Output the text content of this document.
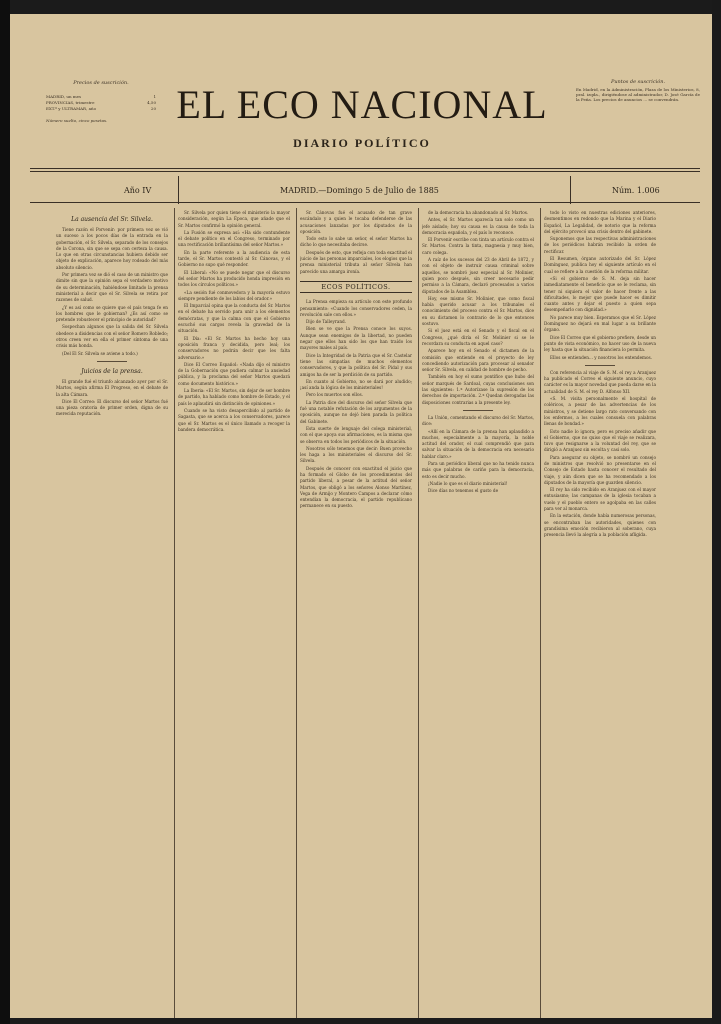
Precios de suscrición.
MADRID, un mes	1
PROVINCIAS, trimestre	4,50
EXT.º y ULTRAMAR, año	20
Número suelto, cinco pesetas.	EL ECO NACIONAL
DIARIO POLÍTICO
Puntos de suscrición.
En Madrid, en la Administración, Plaza de los Ministerios, 8, pral. izqda., dirigiéndose al administrador, D. José García de la Peña. Los precios de anuncios ... se convendrán.
Año IV	MADRID.—Domingo 5 de Julio de 1885	Núm. 1.006

La ausencia del Sr. Silvela.

Tiene razón el Porvenir: por primera vez se vió un suceso a los pocos días de la entrada en la gobernación, el Sr. Silvela, separado de los consejos de la Corona, sin que se sepa con certeza la causa. Lo que en otras circunstancias hubiera debido ser objeto de explicación, aparece hoy rodeado del más absoluto silencio.

Por primera vez se dió el caso de un ministro que dimite sin que la opinión sepa el verdadero motivo de su determinación, habiéndose limitado la prensa ministerial a decir que el Sr. Silvela se retira por razones de salud.

¿Y es así como se quiere que el país tenga fe en los hombres que le gobiernan? ¿Es así como se pretende robustecer el principio de autoridad?

Sospechan algunos que la salida del Sr. Silvela obedece a disidencias con el señor Romero Robledo; otros creen ver en ella el primer síntoma de una crisis más honda.

(Del El Sr. Silvela se aviene a todo.)

Juicios de la prensa.

El grande fué el triunfo alcanzado ayer por el Sr. Martos, según afirma El Progreso, en el debate de la alta Cámara.

Dice El Correo: El discurso del señor Martos fué una pieza oratoria de primer orden, digna de su merecida reputación.

Sr. Silvela por quien tiene el ministerio la mayor consideración, según La Época, que añade que el Sr. Martos confirmó la opinión general.

La Fusión se expresa así: «Ha sido contundente el debate político en el Congreso, terminado por una rectificación brillantísima del señor Martos.»

En la parte referente a la audiencia de esta tarde, el Sr. Martos contestó al Sr. Cánovas, y el Gobierno no supo qué responder.

El Liberal: «No se puede negar que el discurso del señor Martos ha producido honda impresión en todos los círculos políticos.»

«La sesión fué conmovedora y la mayoría estuvo siempre pendiente de los labios del orador.»

El Imparcial opina que la conducta del Sr. Martos en el debate ha servido para unir a los elementos demócratas, y que la calma con que el Gobierno escuchó sus cargos revela la gravedad de la situación.

El Día: «El Sr. Martos ha hecho hoy una oposición franca y decidida, pero leal; los conservadores no podrán decir que les falta adversario.»

Dice El Correo Español: «Nada dijo el ministro de la Gobernación que pudiera calmar la ansiedad pública, y la proclama del señor Martos quedará como documento histórico.»

La Iberia: «El Sr. Martos, sin dejar de ser hombre de partido, ha hablado como hombre de Estado, y el país le aplaudirá sin distinción de opiniones.»

Cuando se ha visto desapercibido al partido de Sagasta, que se acerca a los conservadores, parece que el Sr. Martos es el único llamado a recoger la bandera democrática.

Sr. Cánovas fué el acusado de tan grave escándalo y a quien le tocaba defenderse de las acusaciones lanzadas por los diputados de la oposición.

Todo esto lo sabe un señor, el señor Martos ha dicho lo que necesitaba decirse.

Después de esto, que refleja con toda exactitud el juicio de las personas imparciales, los elogios que la prensa ministerial tributa al señor Silvela han parecido una amarga ironía.

ECOS POLÍTICOS.

La Prensa empieza su artículo con este profundo pensamiento: «Cuando los conservadores ceden, la revolución sale con ellos.»

Dijo de Talleyrand.

Bien se ve que la Prensa conoce los suyos. Aunque sean enemigos de la libertad, no pueden negar que ellos han sido los que han traído los mayores males al país.

Dice la Integridad de la Patria que el Sr. Castelar tiene las simpatías de muchos elementos conservadores, y que la política del Sr. Pidal y sus amigos ha de ser la perdición de su partido.

En cuanto al Gobierno, no se dará por aludido; ¡así anda la lógica de los ministeriales!

Pero los muertos son ellos.

La Patria dice del discurso del señor Silvela que fué una notable refutación de los argumentos de la oposición, aunque no dejó bien parada la política del Gabinete.

Esta suerte de lenguaje del colega ministerial, con el que apoya sus afirmaciones, es la misma que se observa en todos los periódicos de la situación.

Nosotros sólo tenemos que decir: Buen provecho les haga a los ministeriales el discurso del Sr. Silvela.

Después de conocer con exactitud el juicio que ha formado el Globo de los procedimientos del partido liberal, a pesar de la actitud del señor Martos, que obligó a los señores Alonso Martínez, Vega de Armijo y Montero Campos a declarar cómo entendían la democracia, el partido republicano permanece en su puesto.

de la democracia ha abandonado al Sr. Martos.

Antes, el Sr. Martos aparecía tan solo como un jefe aislado; hoy su causa es la causa de toda la democracia española, y el país lo reconoce.

El Porvenir escribe con tinta un artículo contra el Sr. Martos. Contra la tinta, magnesia y muy bien, caro colega.

A raíz de los sucesos del 23 de Abril de 1872, y con el objeto de instruir causa criminal sobre aquellos, se nombró juez especial al Sr. Molinier, quien poco después, sin creer necesario pedir permiso a la Cámara, declaró procesados a varios diputados de la Asamblea.

Hoy, ese mismo Sr. Molinier, que como fiscal había querido acusar a los tribunales el conocimiento del proceso contra el Sr. Martos, dice en su dictamen lo contrario de lo que entonces sostuvo.

Si el juez está en el Senado y el fiscal en el Congreso, ¿qué diría el Sr. Molinier si se le recordara su conducta en aquel caso?

Aparece hoy en el Senado el dictamen de la comisión que entiende en el proyecto de ley concediendo autorización para procesar al senador señor Sr. Silvela, en calidad de hombre de pecho.

También en hoy el sumo pontífice que hubo del señor marqués de Sardoal, cuyas conclusiones son las siguientes: 1.ª Autorízase la supresión de los derechos de importación. 2.ª Quedan derogadas las disposiciones contrarias a la presente ley.

La Unión, comentando el discurso del Sr. Martos, dice:

«Allí en la Cámara de la prensa han aplaudido a muchos, especialmente a la mayoría, la noble actitud del orador, el cual comprendió que para salvar la situación de la democracia era necesario hablar claro.»

Para un periódico liberal que no ha tenido nunca más que palabras de cariño para la democracia, esto es decir mucho.

¡Nadie lo que es el diario ministerial!

Dice días no tenemos el gusto de

todo lo visto en nuestras ediciones anteriores, desmentimos en redondo que la Marina y el Diario Español, La Legalidad, de notorio que la reforma del ejército provocó una crisis dentro del gabinete.

Suponemos que las respectivas administraciones de los periódicos habrán recibido la orden de rectificar.

El Resumen, órgano autorizado del Sr. López Domínguez, publica hoy el siguiente artículo en el cual se refiere a la cuestión de la reforma militar.

«Si el gobierno de S. M. deja sin hacer inmediatamente el beneficio que se le reclama, sin tener ni siquiera el valor de hacer frente a las dificultades, lo mejor que puede hacer es dimitir cuanto antes y dejar el puesto a quien sepa desempeñarlo con dignidad.»

No parece muy bien. Esperamos que el Sr. López Domínguez no dejará en mal lugar a su brillante órgano.

Dice El Correo que el gobierno prefiere, desde un punto de vista económico, no hacer uso de la nueva ley hasta que la situación financiera lo permita.

Ellos se entienden... y nosotros los entendemos.

Con referencia al viaje de S. M. el rey a Aranjuez ha publicado el Correo el siguiente anuncio, cuyo carácter es la mayor novedad que pueda darse en la actualidad de S. M. el rey D. Alfonso XII.

«S. M. visita personalmente el hospital de coléricos, a pesar de las advertencias de los ministros, y se detiene largo rato conversando con los enfermos, a los cuales consuela con palabras llenas de bondad.»

Esto nadie lo ignora; pero es preciso añadir que el Gobierno, que no quiso que el viaje se realizara, tuvo que resignarse a la voluntad del rey, que se dirigió a Aranjuez sin escolta y casi solo.

Para asegurar su objeto, se nombró un consejo de ministros que resolvió no presentarse en el Consejo de Estado hasta conocer el resultado del viaje, y aún dicen que se ha recomendado a los diputados de la mayoría que guarden silencio.

El rey ha sido recibido en Aranjuez con el mayor entusiasmo; las campanas de la iglesia tocaban a vuelo y el pueblo entero se agolpaba en las calles para ver al monarca.

En la estación, donde había numerosas personas, se encontraban las autoridades, quienes con grandísima emoción recibieron al soberano, cuya presencia llevó la alegría a la población afligida.
